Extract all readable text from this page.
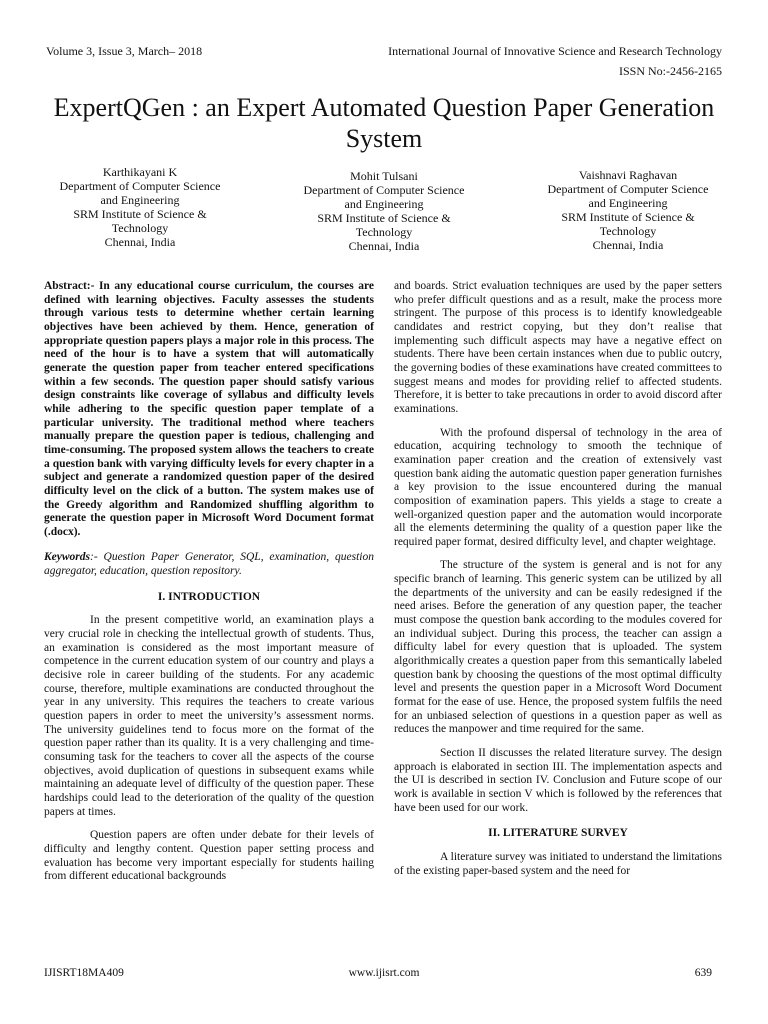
Volume 3, Issue 3, March– 2018	International Journal of Innovative Science and Research Technology
ISSN No:-2456-2165
ExpertQGen : an Expert Automated Question Paper Generation System
Karthikayani K
Department of Computer Science
and Engineering
SRM Institute of Science &
Technology
Chennai, India
Mohit Tulsani
Department of Computer Science
and Engineering
SRM Institute of Science &
Technology
Chennai, India
Vaishnavi Raghavan
Department of Computer Science
and Engineering
SRM Institute of Science &
Technology
Chennai, India

Abstract:- In any educational course curriculum, the courses are defined with learning objectives. Faculty assesses the students through various tests to determine whether certain learning objectives have been achieved by them. Hence, generation of appropriate question papers plays a major role in this process. The need of the hour is to have a system that will automatically generate the question paper from teacher entered specifications within a few seconds. The question paper should satisfy various design constraints like coverage of syllabus and difficulty levels while adhering to the specific question paper template of a particular university. The traditional method where teachers manually prepare the question paper is tedious, challenging and time-consuming. The proposed system allows the teachers to create a question bank with varying difficulty levels for every chapter in a subject and generate a randomized question paper of the desired difficulty level on the click of a button. The system makes use of the Greedy algorithm and Randomized shuffling algorithm to generate the question paper in Microsoft Word Document format (.docx).

Keywords:- Question Paper Generator, SQL, examination, question aggregator, education, question repository.

I. INTRODUCTION

In the present competitive world, an examination plays a very crucial role in checking the intellectual growth of students. Thus, an examination is considered as the most important measure of competence in the current education system of our country and plays a decisive role in career building of the students. For any academic course, therefore, multiple examinations are conducted throughout the year in any university. This requires the teachers to create various question papers in order to meet the university’s assessment norms. The university guidelines tend to focus more on the format of the question paper rather than its quality. It is a very challenging and time-consuming task for the teachers to cover all the aspects of the course objectives, avoid duplication of questions in subsequent exams while maintaining an adequate level of difficulty of the question paper. These hardships could lead to the deterioration of the quality of the question papers at times.

Question papers are often under debate for their levels of difficulty and lengthy content. Question paper setting process and evaluation has become very important especially for students hailing from different educational backgrounds

and boards. Strict evaluation techniques are used by the paper setters who prefer difficult questions and as a result, make the process more stringent. The purpose of this process is to identify knowledgeable candidates and restrict copying, but they don’t realise that implementing such difficult aspects may have a negative effect on students. There have been certain instances when due to public outcry, the governing bodies of these examinations have created committees to suggest means and modes for providing relief to affected students. Therefore, it is better to take precautions in order to avoid discord after examinations.

With the profound dispersal of technology in the area of education, acquiring technology to smooth the technique of examination paper creation and the creation of extensively vast question bank aiding the automatic question paper generation furnishes a key provision to the issue encountered during the manual composition of examination papers. This yields a stage to create a well-organized question paper and the automation would incorporate all the elements determining the quality of a question paper like the required paper format, desired difficulty level, and chapter weightage.

The structure of the system is general and is not for any specific branch of learning. This generic system can be utilized by all the departments of the university and can be easily redesigned if the need arises. Before the generation of any question paper, the teacher must compose the question bank according to the modules covered for an individual subject. During this process, the teacher can assign a difficulty label for every question that is uploaded. The system algorithmically creates a question paper from this semantically labeled question bank by choosing the questions of the most optimal difficulty level and presents the question paper in a Microsoft Word Document format for the ease of use. Hence, the proposed system fulfils the need for an unbiased selection of questions in a question paper as well as reduces the manpower and time required for the same.

Section II discusses the related literature survey. The design approach is elaborated in section III. The implementation aspects and the UI is described in section IV. Conclusion and Future scope of our work is available in section V which is followed by the references that have been used for our work.

II. LITERATURE SURVEY

A literature survey was initiated to understand the limitations of the existing paper-based system and the need for

IJISRT18MA409	www.ijisrt.com	639
